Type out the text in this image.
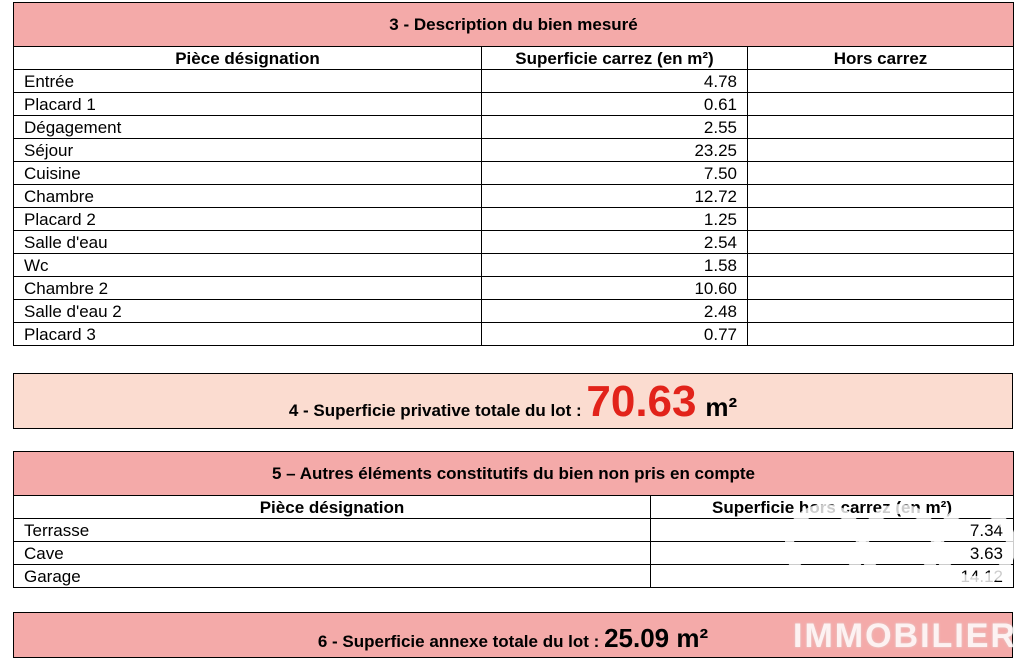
3 - Description du bien mesuré		
Pièce désignation	Superficie carrez (en m²)	Hors carrez
Entrée	4.78	
Placard 1	0.61	
Dégagement	2.55	
Séjour	23.25	
Cuisine	7.50	
Chambre	12.72	
Placard 2	1.25	
Salle d'eau	2.54	
Wc	1.58	
Chambre 2	10.60	
Salle d'eau 2	2.48	
Placard 3	0.77	
4 - Superficie privative totale du lot : 70.63 m²
5 – Autres éléments constitutifs du bien non pris en compte	
Pièce désignation	Superficie hors carrez (en m²)
Terrasse	7.34
Cave	3.63
Garage	14.12
6 - Superficie annexe totale du lot : 25.09 m²	IMMOBILIER
